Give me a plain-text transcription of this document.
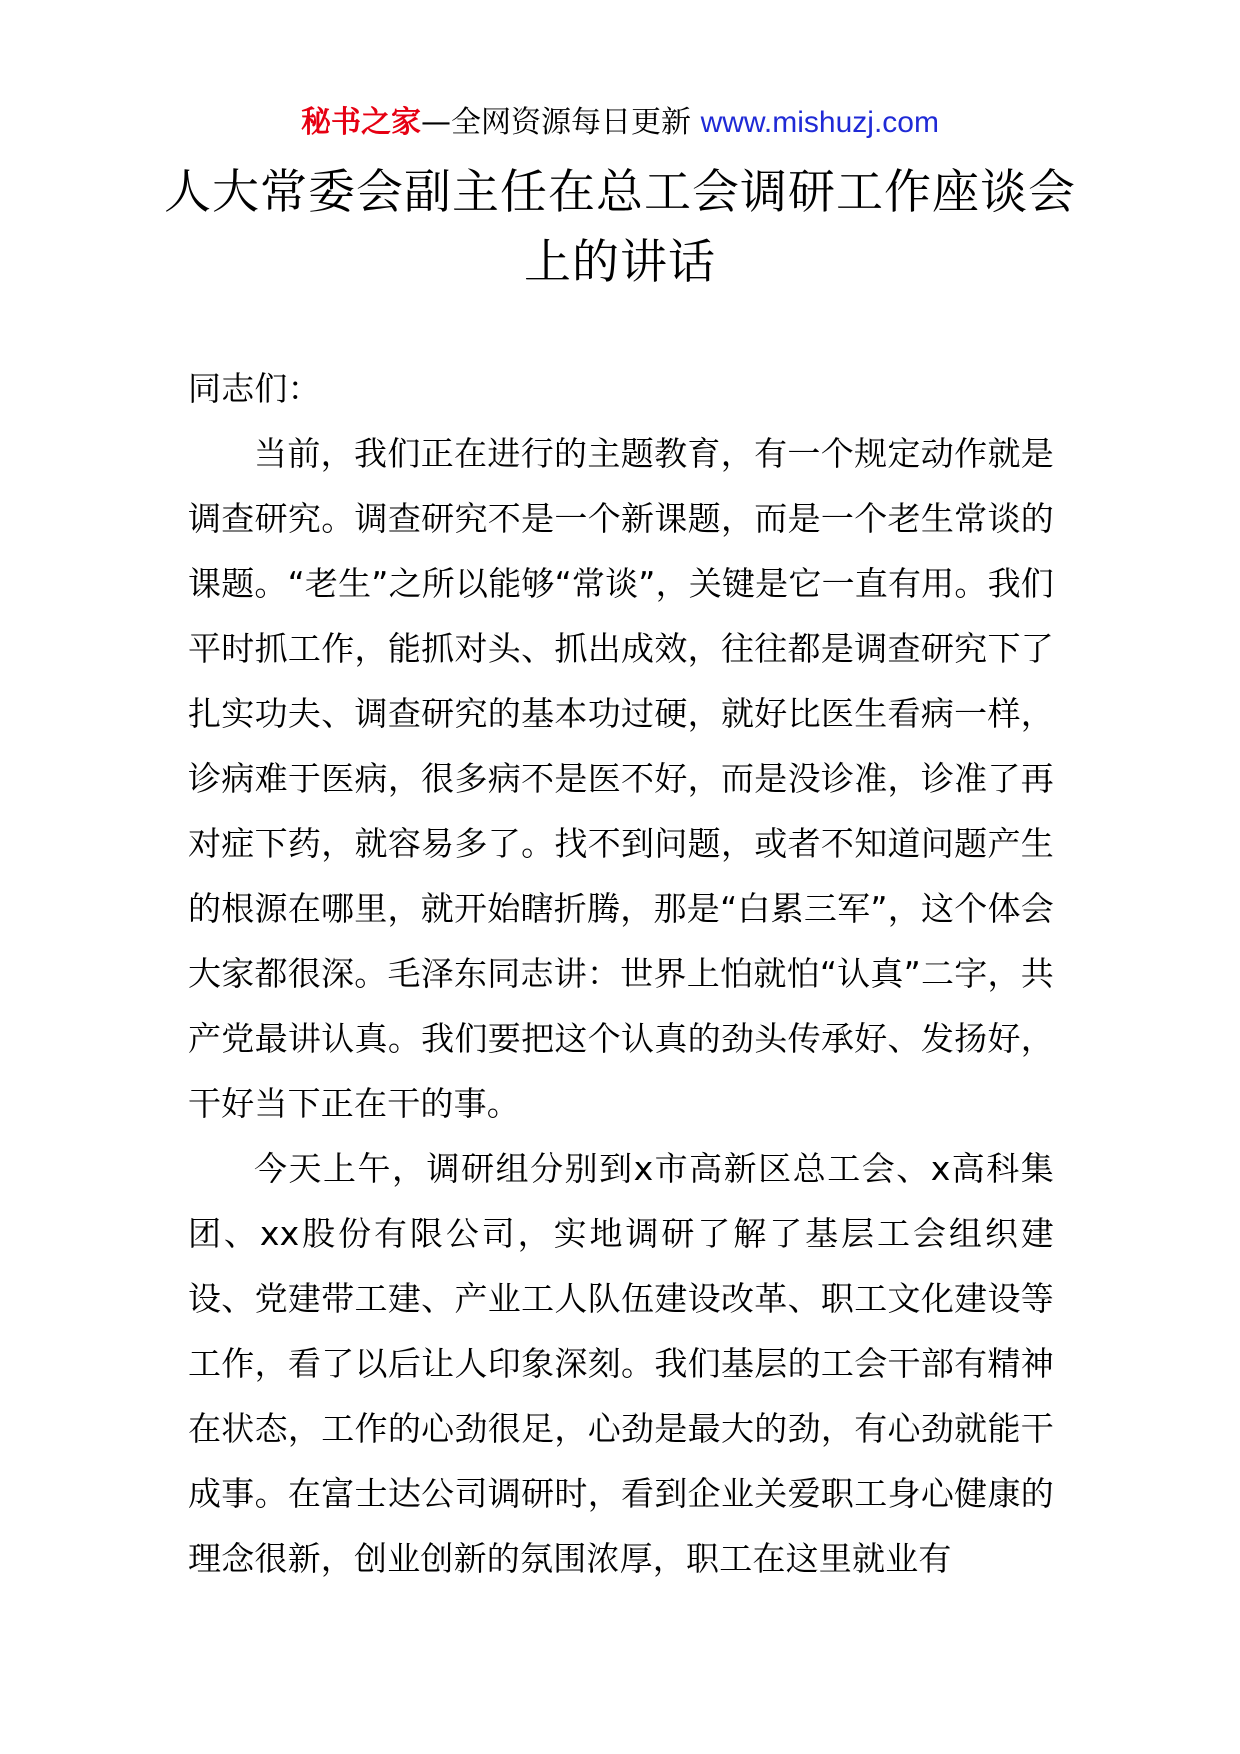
秘书之家—全网资源每日更新 www.mishuzj.com
人大常委会副主任在总工会调研工作座谈会上的讲话

同志们：

当前，我们正在进行的主题教育，有一个规定动作就是调查研究。调查研究不是一个新课题，而是一个老生常谈的课题。“老生”之所以能够“常谈”，关键是它一直有用。我们平时抓工作，能抓对头、抓出成效，往往都是调查研究下了扎实功夫、调查研究的基本功过硬，就好比医生看病一样，诊病难于医病，很多病不是医不好，而是没诊准，诊准了再对症下药，就容易多了。找不到问题，或者不知道问题产生的根源在哪里，就开始瞎折腾，那是“白累三军”，这个体会大家都很深。毛泽东同志讲：世界上怕就怕“认真”二字，共产党最讲认真。我们要把这个认真的劲头传承好、发扬好，干好当下正在干的事。

今天上午，调研组分别到x市高新区总工会、x高科集团、xx股份有限公司，实地调研了解了基层工会组织建设、党建带工建、产业工人队伍建设改革、职工文化建设等工作，看了以后让人印象深刻。我们基层的工会干部有精神在状态，工作的心劲很足，心劲是最大的劲，有心劲就能干成事。在富士达公司调研时，看到企业关爱职工身心健康的理念很新，创业创新的氛围浓厚，职工在这里就业有
